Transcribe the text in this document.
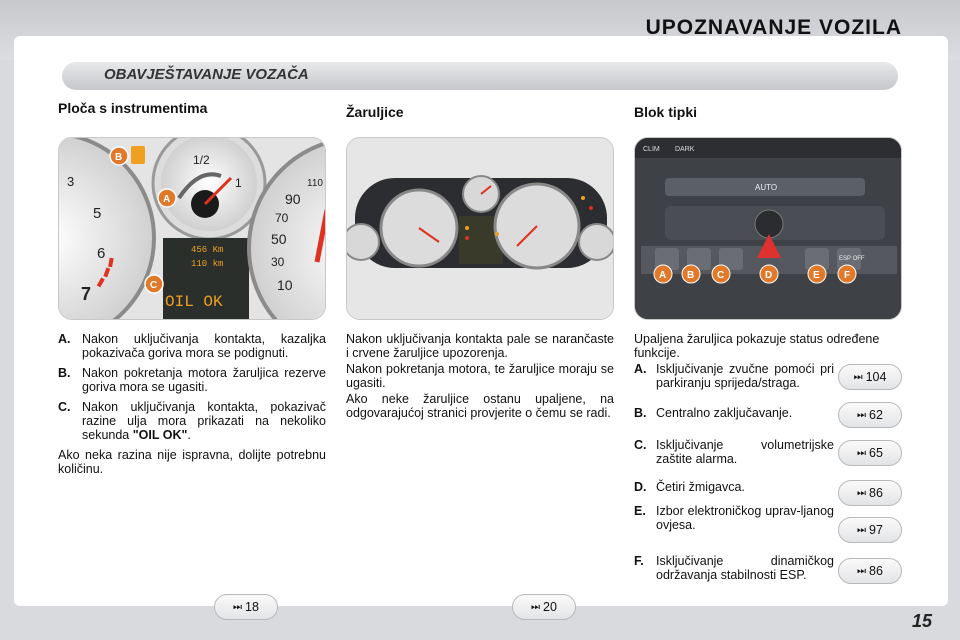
UPOZNAVANJE VOZILA
OBAVJEŠTAVANJE VOZAČA
Ploča s instrumentima
3
5
6
7
1/2
1
B
A
456 Km
110 km
OIL OK
C
110
90
70
50
30
10
A. Nakon uključivanja kontakta, kazaljka pokazivača goriva mora se podignuti.
B. Nakon pokretanja motora žaruljica rezerve goriva mora se ugasiti.
C. Nakon uključivanja kontakta, pokazivač razine ulja mora prikazati na nekoliko sekunda "OIL OK".
Ako neka razina nije ispravna, dolijte potrebnu količinu.
⏭ 18
Žaruljice
Nakon uključivanja kontakta pale se narančaste i crvene žaruljice upozorenja.
Nakon pokretanja motora, te žaruljice moraju se ugasiti.
Ako neke žaruljice ostanu upaljene, na odgovarajućoj stranici provjerite o čemu se radi.
⏭ 20
Blok tipki
CLIM DARK
AUTO
ESP OFF
A B C	D	E F
Upaljena žaruljica pokazuje status određene funkcije.
A. Isključivanje zvučne pomoći pri parkiranju sprijeda/straga.	⏭ 104
B. Centralno zaključavanje.	⏭ 62
C. Isključivanje volumetrijske zaštite alarma.	⏭ 65
D. Četiri žmigavca.	⏭ 86
E. Izbor elektroničkog uprav-ljanog ovjesa.	⏭ 97
F. Isključivanje dinamičkog održavanja stabilnosti ESP.	⏭ 86
15
